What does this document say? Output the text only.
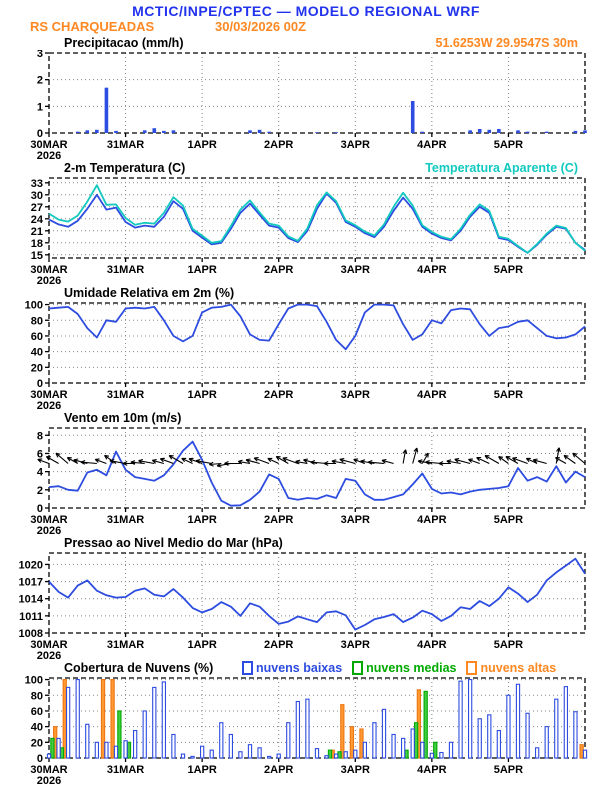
MCTIC/INPE/CPTEC — MODELO REGIONAL WRF
RS CHARQUEADAS	30/03/2026 00Z
Precipitacao (mm/h)	51.6253W 29.9547S 30m
0
1
2
3
30MAR
2026
31MAR	1APR	2APR	3APR	4APR	5APR
2-m Temperatura (C)	Temperatura Aparente (C)
15
18
21
24
27
30
33
30MAR
2026
31MAR	1APR	2APR	3APR	4APR	5APR
Umidade Relativa em 2m (%)
0
20
40
60
80
100
30MAR
2026
31MAR	1APR	2APR	3APR	4APR	5APR
Vento em 10m (m/s)
0
2
4
6
8
30MAR
2026
31MAR	1APR	2APR	3APR	4APR	5APR
Pressao ao Nivel Medio do Mar (hPa)
1008
1011
1014
1017
1020
30MAR
2026
31MAR	1APR	2APR	3APR	4APR	5APR
Cobertura de Nuvens (%)	nuvens baixas nuvens medias nuvens altas
0
20
40
60
80
100
30MAR
2026
31MAR	1APR	2APR	3APR	4APR	5APR
